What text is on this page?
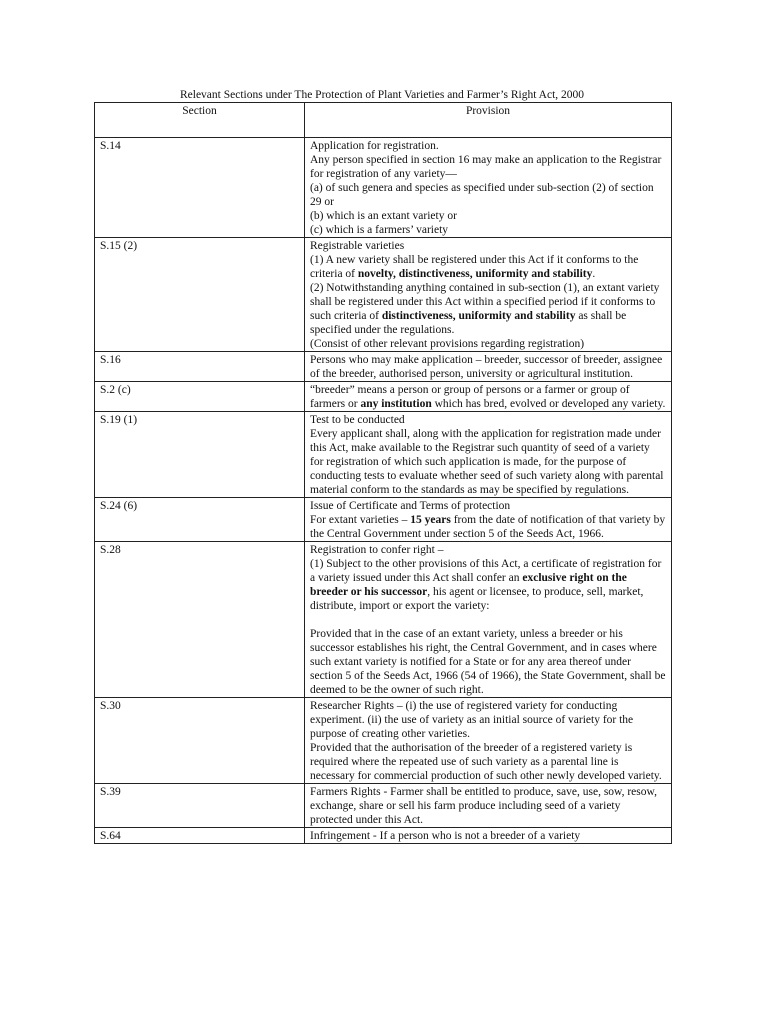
Relevant Sections under The Protection of Plant Varieties and Farmer’s Right Act, 2000
Section	Provision
S.14	Application for registration.
Any person specified in section 16 may make an application to the Registrar for registration of any variety—
(a) of such genera and species as specified under sub-section (2) of section 29 or
(b) which is an extant variety or
(c) which is a farmers’ variety

S.15 (2)	Registrable varieties
(1) A new variety shall be registered under this Act if it conforms to the criteria of novelty, distinctiveness, uniformity and stability.
(2) Notwithstanding anything contained in sub-section (1), an extant variety shall be registered under this Act within a specified period if it conforms to such criteria of distinctiveness, uniformity and stability as shall be specified under the regulations.
(Consist of other relevant provisions regarding registration)

S.16	Persons who may make application – breeder, successor of breeder, assignee of the breeder, authorised person, university or agricultural institution.

S.2 (c)	“breeder” means a person or group of persons or a farmer or group of farmers or any institution which has bred, evolved or developed any variety.

S.19 (1)	Test to be conducted
Every applicant shall, along with the application for registration made under this Act, make available to the Registrar such quantity of seed of a variety for registration of which such application is made, for the purpose of conducting tests to evaluate whether seed of such variety along with parental material conform to the standards as may be specified by regulations.

S.24 (6)	Issue of Certificate and Terms of protection
For extant varieties – 15 years from the date of notification of that variety by the Central Government under section 5 of the Seeds Act, 1966.

S.28	Registration to confer right –
(1) Subject to the other provisions of this Act, a certificate of registration for a variety issued under this Act shall confer an exclusive right on the breeder or his successor, his agent or licensee, to produce, sell, market, distribute, import or export the variety:
Provided that in the case of an extant variety, unless a breeder or his successor establishes his right, the Central Government, and in cases where such extant variety is notified for a State or for any area thereof under section 5 of the Seeds Act, 1966 (54 of 1966), the State Government, shall be deemed to be the owner of such right.

S.30	Researcher Rights – (i) the use of registered variety for conducting experiment. (ii) the use of variety as an initial source of variety for the purpose of creating other varieties.
Provided that the authorisation of the breeder of a registered variety is required where the repeated use of such variety as a parental line is necessary for commercial production of such other newly developed variety.

S.39	Farmers Rights - Farmer shall be entitled to produce, save, use, sow, resow, exchange, share or sell his farm produce including seed of a variety protected under this Act.

S.64	Infringement - If a person who is not a breeder of a variety
